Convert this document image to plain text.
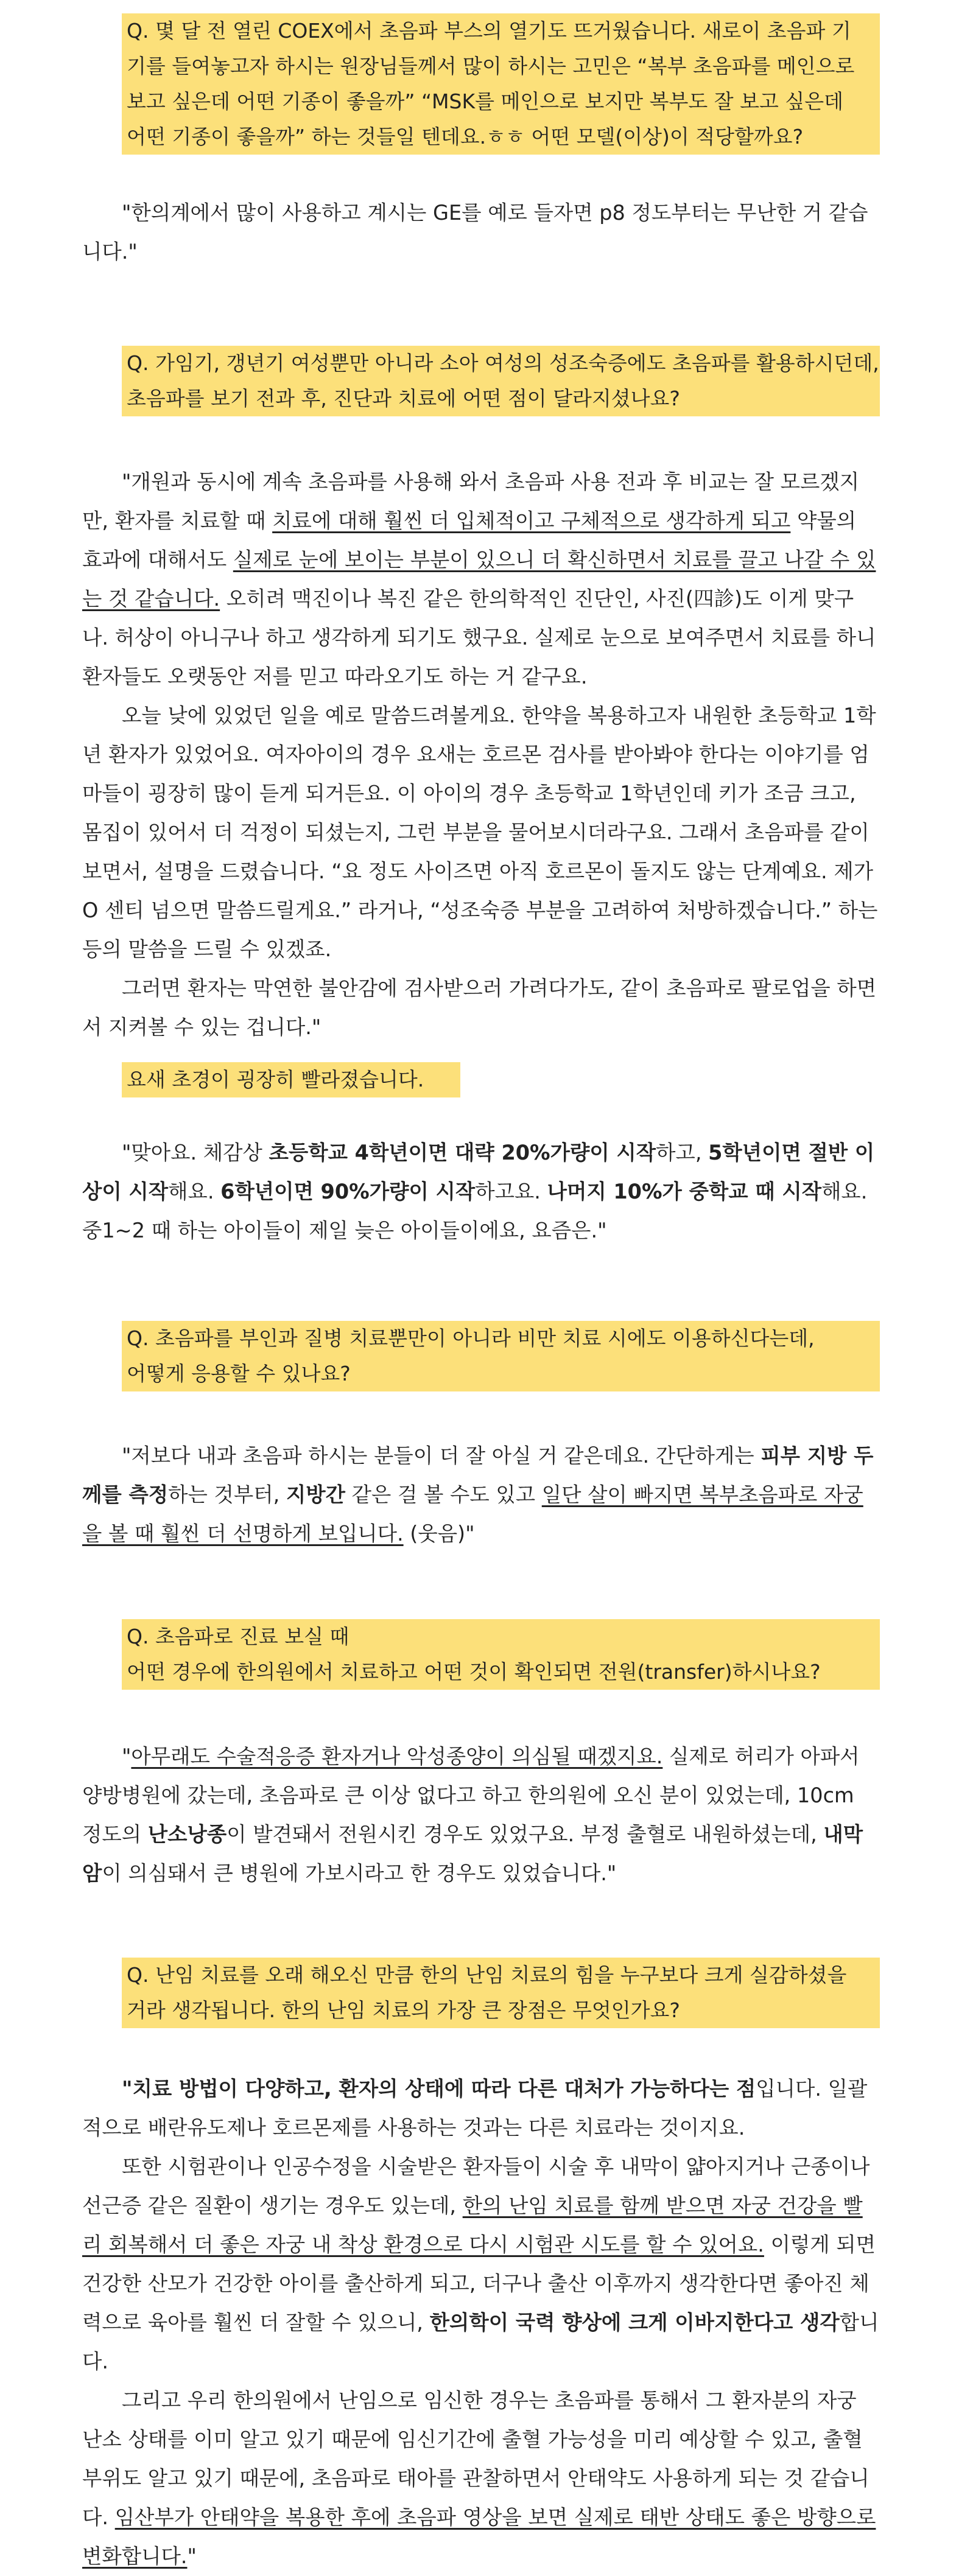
Q. 몇 달 전 열린 COEX에서 초음파 부스의 열기도 뜨거웠습니다. 새로이 초음파 기
기를 들여놓고자 하시는 원장님들께서 많이 하시는 고민은 “복부 초음파를 메인으로
보고 싶은데 어떤 기종이 좋을까” “MSK를 메인으로 보지만 복부도 잘 보고 싶은데
어떤 기종이 좋을까” 하는 것들일 텐데요.ㅎㅎ 어떤 모델(이상)이 적당할까요?
"한의계에서 많이 사용하고 계시는 GE를 예로 들자면 p8 정도부터는 무난한 거 같습니다."
Q. 가임기, 갱년기 여성뿐만 아니라 소아 여성의 성조숙증에도 초음파를 활용하시던데,
초음파를 보기 전과 후, 진단과 치료에 어떤 점이 달라지셨나요?
"개원과 동시에 계속 초음파를 사용해 와서 초음파 사용 전과 후 비교는 잘 모르겠지만, 환자를 치료할 때 치료에 대해 훨씬 더 입체적이고 구체적으로 생각하게 되고 약물의 효과에 대해서도 실제로 눈에 보이는 부분이 있으니 더 확신하면서 치료를 끌고 나갈 수 있는 것 같습니다. 오히려 맥진이나 복진 같은 한의학적인 진단인, 사진(四診)도 이게 맞구나. 허상이 아니구나 하고 생각하게 되기도 했구요. 실제로 눈으로 보여주면서 치료를 하니 환자들도 오랫동안 저를 믿고 따라오기도 하는 거 같구요.
오늘 낮에 있었던 일을 예로 말씀드려볼게요. 한약을 복용하고자 내원한 초등학교 1학년 환자가 있었어요. 여자아이의 경우 요새는 호르몬 검사를 받아봐야 한다는 이야기를 엄마들이 굉장히 많이 듣게 되거든요. 이 아이의 경우 초등학교 1학년인데 키가 조금 크고, 몸집이 있어서 더 걱정이 되셨는지, 그런 부분을 물어보시더라구요. 그래서 초음파를 같이 보면서, 설명을 드렸습니다. “요 정도 사이즈면 아직 호르몬이 돌지도 않는 단계예요. 제가 O 센티 넘으면 말씀드릴게요.” 라거나, “성조숙증 부분을 고려하여 처방하겠습니다.” 하는 등의 말씀을 드릴 수 있겠죠.
그러면 환자는 막연한 불안감에 검사받으러 가려다가도, 같이 초음파로 팔로업을 하면서 지켜볼 수 있는 겁니다."
요새 초경이 굉장히 빨라졌습니다.
"맞아요. 체감상 초등학교 4학년이면 대략 20%가량이 시작하고, 5학년이면 절반 이상이 시작해요. 6학년이면 90%가량이 시작하고요. 나머지 10%가 중학교 때 시작해요. 중1~2 때 하는 아이들이 제일 늦은 아이들이에요, 요즘은."
Q. 초음파를 부인과 질병 치료뿐만이 아니라 비만 치료 시에도 이용하신다는데,
어떻게 응용할 수 있나요?
"저보다 내과 초음파 하시는 분들이 더 잘 아실 거 같은데요. 간단하게는 피부 지방 두께를 측정하는 것부터, 지방간 같은 걸 볼 수도 있고 일단 살이 빠지면 복부초음파로 자궁을 볼 때 훨씬 더 선명하게 보입니다. (웃음)"
Q. 초음파로 진료 보실 때
어떤 경우에 한의원에서 치료하고 어떤 것이 확인되면 전원(transfer)하시나요?
"아무래도 수술적응증 환자거나 악성종양이 의심될 때겠지요. 실제로 허리가 아파서 양방병원에 갔는데, 초음파로 큰 이상 없다고 하고 한의원에 오신 분이 있었는데, 10cm 정도의 난소낭종이 발견돼서 전원시킨 경우도 있었구요. 부정 출혈로 내원하셨는데, 내막암이 의심돼서 큰 병원에 가보시라고 한 경우도 있었습니다."
Q. 난임 치료를 오래 해오신 만큼 한의 난임 치료의 힘을 누구보다 크게 실감하셨을
거라 생각됩니다. 한의 난임 치료의 가장 큰 장점은 무엇인가요?
"치료 방법이 다양하고, 환자의 상태에 따라 다른 대처가 가능하다는 점입니다. 일괄적으로 배란유도제나 호르몬제를 사용하는 것과는 다른 치료라는 것이지요.
또한 시험관이나 인공수정을 시술받은 환자들이 시술 후 내막이 얇아지거나 근종이나 선근증 같은 질환이 생기는 경우도 있는데, 한의 난임 치료를 함께 받으면 자궁 건강을 빨리 회복해서 더 좋은 자궁 내 착상 환경으로 다시 시험관 시도를 할 수 있어요. 이렇게 되면 건강한 산모가 건강한 아이를 출산하게 되고, 더구나 출산 이후까지 생각한다면 좋아진 체력으로 육아를 훨씬 더 잘할 수 있으니, 한의학이 국력 향상에 크게 이바지한다고 생각합니다.
그리고 우리 한의원에서 난임으로 임신한 경우는 초음파를 통해서 그 환자분의 자궁 난소 상태를 이미 알고 있기 때문에 임신기간에 출혈 가능성을 미리 예상할 수 있고, 출혈 부위도 알고 있기 때문에, 초음파로 태아를 관찰하면서 안태약도 사용하게 되는 것 같습니다. 임산부가 안태약을 복용한 후에 초음파 영상을 보면 실제로 태반 상태도 좋은 방향으로 변화합니다."
